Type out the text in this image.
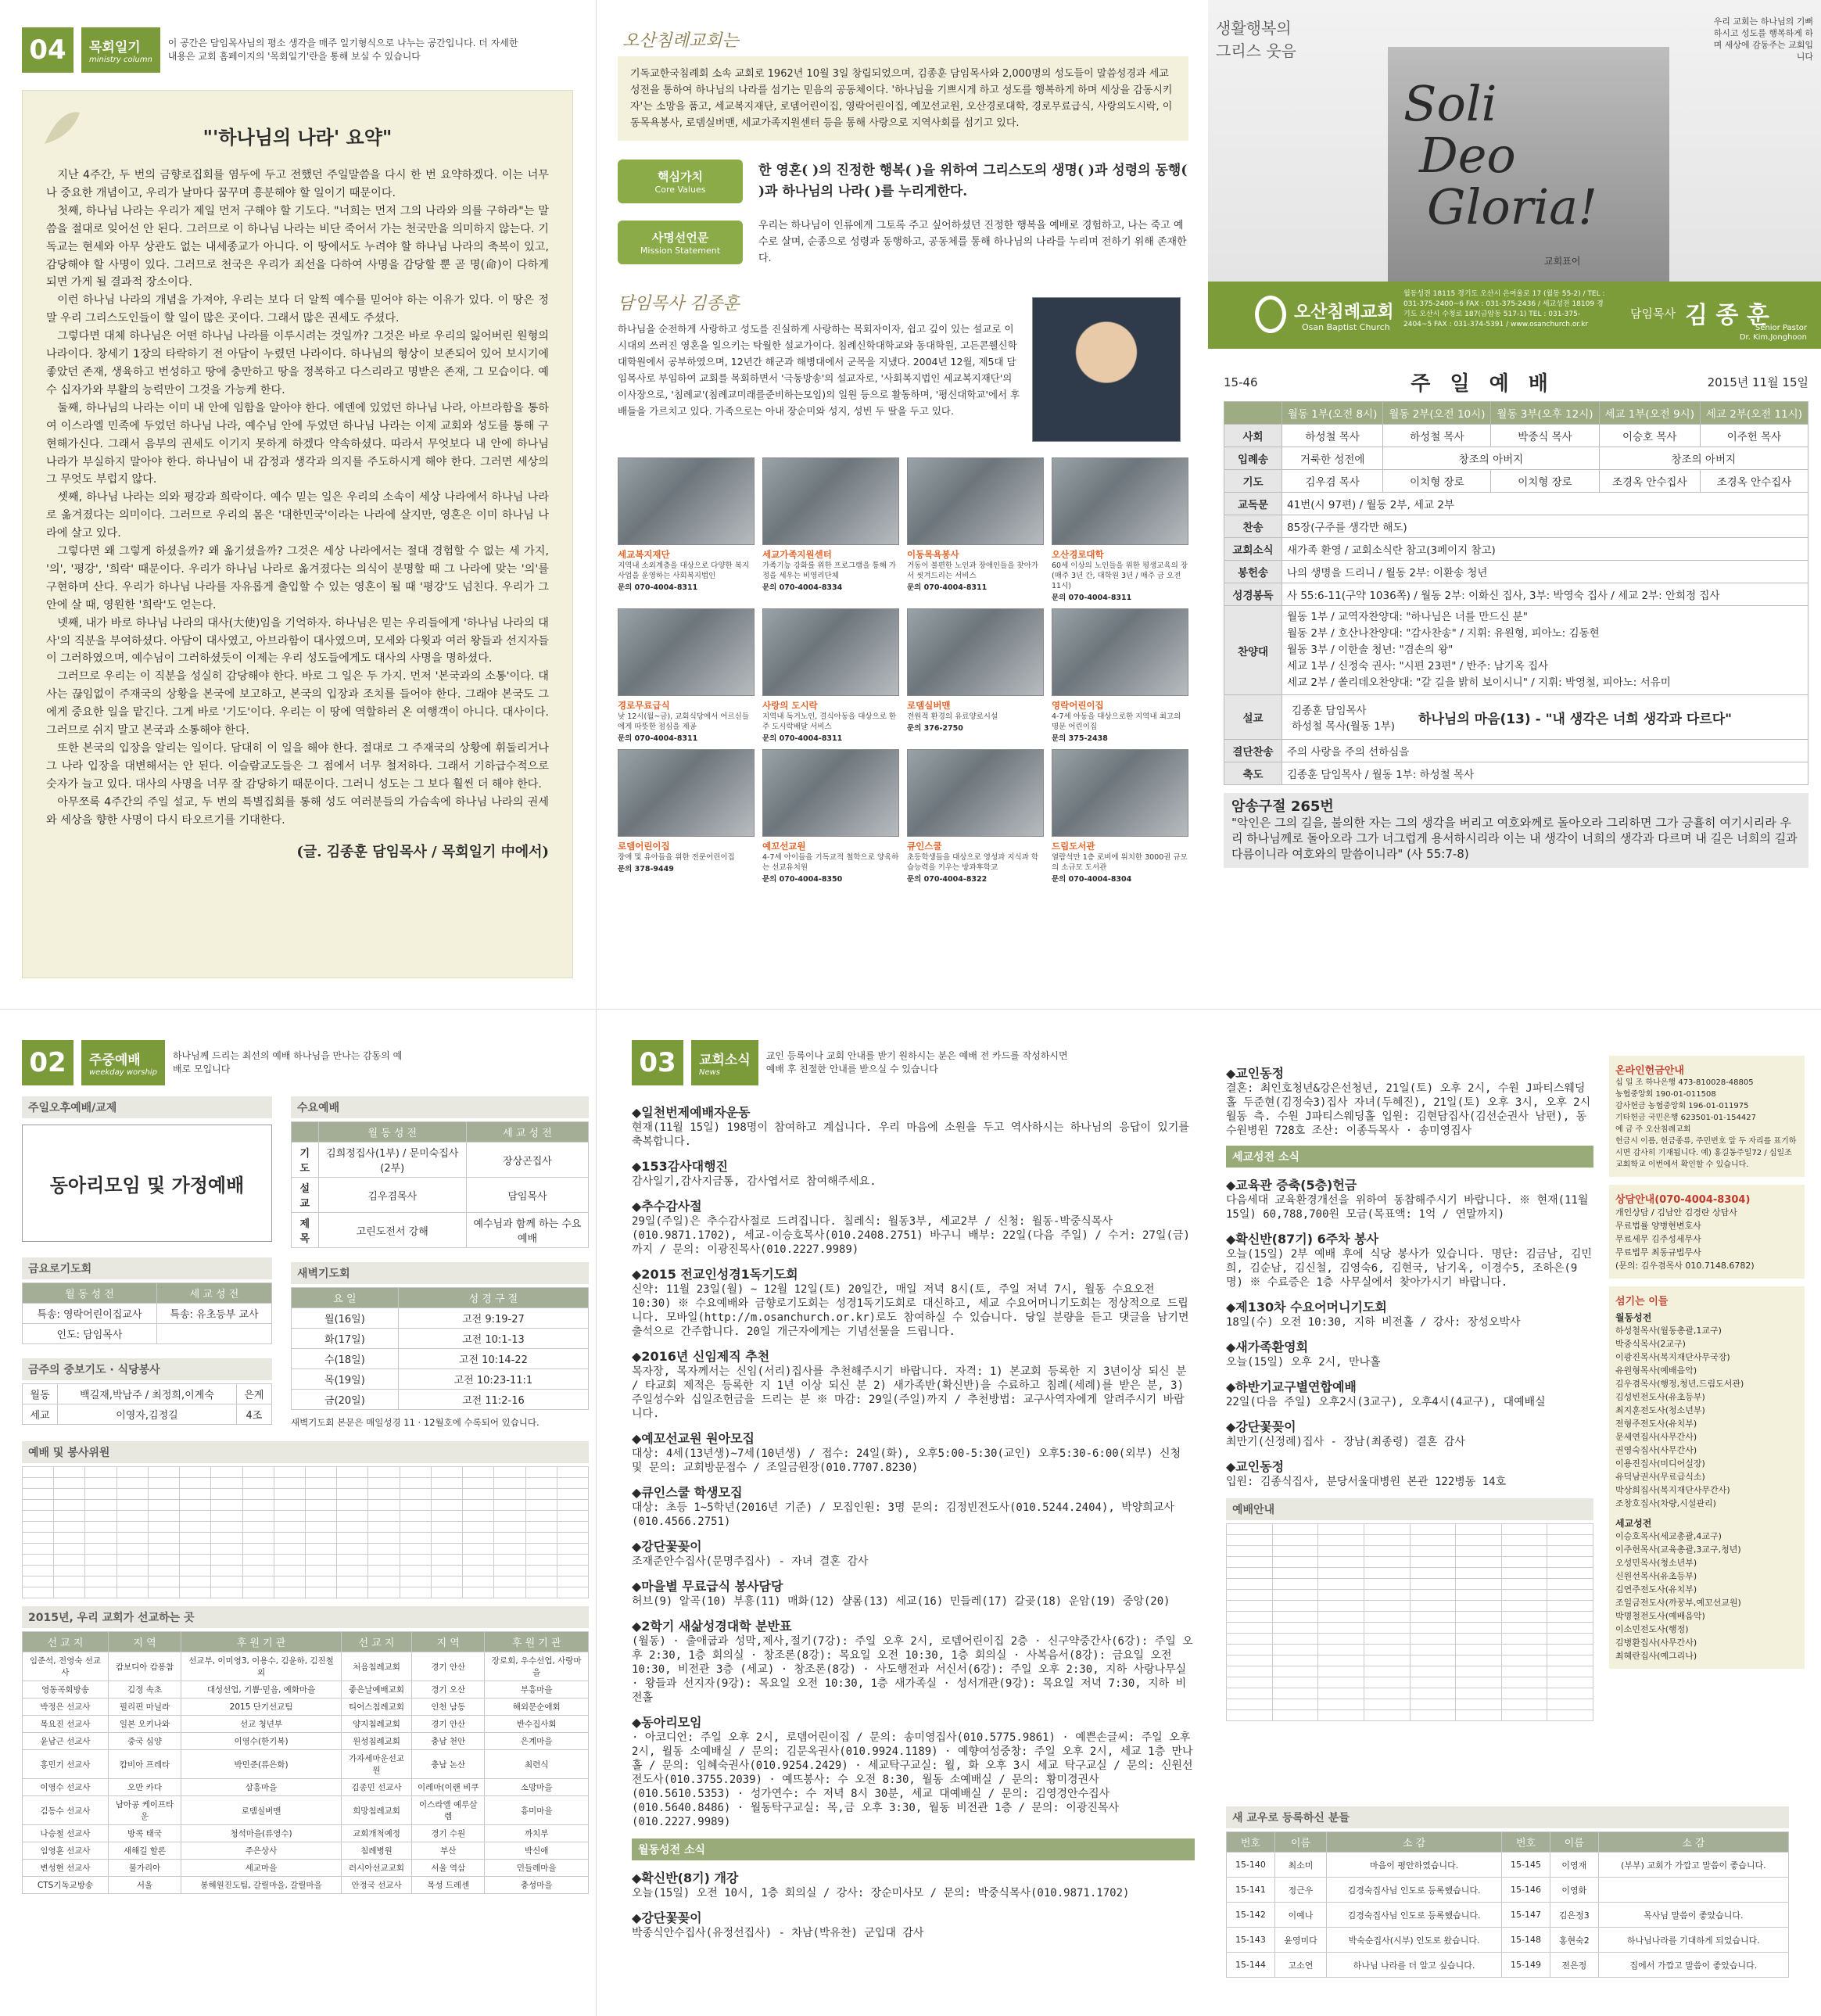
04	목회일기
ministry column
이 공간은 담임목사님의 평소 생각을 매주 일기형식으로 나누는 공간입니다. 더 자세한 내용은 교회 홈페이지의 '목회일기'란을 통해 보실 수 있습니다
"'하나님의 나라' 요약"

지난 4주간, 두 번의 금향로집회를 염두에 두고 전했던 주일말씀을 다시 한 번 요약하겠다. 이는 너무나 중요한 개념이고, 우리가 날마다 꿈꾸며 흥분해야 할 일이기 때문이다.

첫째, 하나님 나라는 우리가 제일 먼저 구해야 할 기도다. "너희는 먼저 그의 나라와 의를 구하라"는 말씀을 절대로 잊어선 안 된다. 그러므로 이 하나님 나라는 비단 죽어서 가는 천국만을 의미하지 않는다. 기독교는 현세와 아무 상관도 없는 내세종교가 아니다. 이 땅에서도 누려야 할 하나님 나라의 축복이 있고, 감당해야 할 사명이 있다. 그러므로 천국은 우리가 죄선을 다하여 사명을 감당할 뿐 곧 명(命)이 다하게 되면 가게 될 결과적 장소이다.

이런 하나님 나라의 개념을 가져야, 우리는 보다 더 알찍 예수를 믿어야 하는 이유가 있다. 이 땅은 정말 우리 그리스도인들이 할 일이 많은 곳이다. 그래서 많은 권세도 주셨다.

그렇다면 대체 하나님은 어떤 하나님 나라를 이루시려는 것일까? 그것은 바로 우리의 잃어버린 원형의 나라이다. 창세기 1장의 타락하기 전 아담이 누렸던 나라이다. 하나님의 형상이 보존되어 있어 보시기에 좋았던 존재, 생육하고 번성하고 땅에 충만하고 땅을 정복하고 다스리라고 명받은 존재, 그 모습이다. 예수 십자가와 부활의 능력만이 그것을 가능케 한다.

둘째, 하나님의 나라는 이미 내 안에 임함을 알아야 한다. 에덴에 있었던 하나님 나라, 아브라함을 통하여 이스라엘 민족에 두었던 하나님 나라, 예수님 안에 두었던 하나님 나라는 이제 교회와 성도를 통해 구현해가신다. 그래서 음부의 권세도 이기지 못하게 하겠다 약속하셨다. 따라서 무엇보다 내 안에 하나님 나라가 부실하지 말아야 한다. 하나님이 내 감정과 생각과 의지를 주도하시게 해야 한다. 그러면 세상의 그 무엇도 부럽지 않다.

셋째, 하나님 나라는 의와 평강과 희락이다. 예수 믿는 일은 우리의 소속이 세상 나라에서 하나님 나라로 옮겨졌다는 의미이다. 그러므로 우리의 몸은 '대한민국'이라는 나라에 살지만, 영혼은 이미 하나님 나라에 살고 있다.

그렇다면 왜 그렇게 하셨을까? 왜 옮기셨을까? 그것은 세상 나라에서는 절대 경험할 수 없는 세 가지, '의', '평강', '희락' 때문이다. 우리가 하나님 나라로 옮겨졌다는 의식이 분명할 때 그 나라에 맞는 '의'를 구현하며 산다. 우리가 하나님 나라를 자유롭게 출입할 수 있는 영혼이 될 때 '평강'도 넘친다. 우리가 그 안에 살 때, 영원한 '희락'도 얻는다.

넷째, 내가 바로 하나님 나라의 대사(大使)임을 기억하자. 하나님은 믿는 우리들에게 '하나님 나라의 대사'의 직분을 부여하셨다. 아담이 대사였고, 아브라함이 대사였으며, 모세와 다윗과 여러 왕들과 선지자들이 그러하였으며, 예수님이 그러하셨듯이 이제는 우리 성도들에게도 대사의 사명을 명하셨다.

그러므로 우리는 이 직분을 성실히 감당해야 한다. 바로 그 일은 두 가지. 먼저 '본국과의 소통'이다. 대사는 끊임없이 주재국의 상황을 본국에 보고하고, 본국의 입장과 조치를 들어야 한다. 그래야 본국도 그에게 중요한 일을 맡긴다. 그게 바로 '기도'이다. 우리는 이 땅에 역할하러 온 여행객이 아니다. 대사이다. 그러므로 쉬지 말고 본국과 소통해야 한다.

또한 본국의 입장을 알리는 일이다. 담대히 이 일을 해야 한다. 절대로 그 주재국의 상황에 휘둘리거나 그 나라 입장을 대변해서는 안 된다. 이슬람교도들은 그 점에서 너무 철저하다. 그래서 기하급수적으로 숫자가 늘고 있다. 대사의 사명을 너무 잘 감당하기 때문이다. 그러니 성도는 그 보다 훨씬 더 해야 한다.

아무쪼록 4주간의 주일 설교, 두 번의 특별집회를 통해 성도 여러분들의 가슴속에 하나님 나라의 권세와 세상을 향한 사명이 다시 타오르기를 기대한다.

(글. 김종훈 담임목사 / 목회일기 中에서)
오산침례교회는
기독교한국침례회 소속 교회로 1962년 10월 3일 창립되었으며, 김종훈 담임목사와 2,000명의 성도들이 말씀성경과 세교성전을 통하여 하나님의 나라를 섬기는 믿음의 공동체이다. '하나님을 기쁘시게 하고 성도를 행복하게 하며 세상을 감동시키자'는 소망을 품고, 세교복지재단, 로뎀어린이집, 영락어린이집, 예꼬선교원, 오산경로대학, 경로무료급식, 사랑의도시락, 이동목욕봉사, 로뎀실버맨, 세교가족지원센터 등을 통해 사랑으로 지역사회를 섬기고 있다.
핵심가치
Core Values
한 영혼( )의 진정한 행복( )을 위하여 그리스도의 생명( )과 성령의 동행( )과 하나님의 나라( )를 누리게한다.
사명선언문
Mission Statement
우리는 하나님이 인류에게 그토록 주고 싶어하셨던 진정한 행복을 예배로 경험하고, 나는 죽고 예수로 살며, 순종으로 성령과 동행하고, 공동체를 통해 하나님의 나라를 누리며 전하기 위해 존재한다.
담임목사 김종훈
하나님을 순전하게 사랑하고 성도를 진실하게 사랑하는 목회자이자, 쉽고 깊이 있는 설교로 이 시대의 쓰러진 영혼을 일으키는 탁월한 설교가이다. 침례신학대학교와 동대학원, 고든콘웰신학대학원에서 공부하였으며, 12년간 해군과 해병대에서 군목을 지냈다. 2004년 12월, 제5대 담임목사로 부임하여 교회를 목회하면서 '극동방송'의 설교자로, '사회복지법인 세교복지재단'의 이사장으로, '침례교'(침례교미래를준비하는모임)의 일원 등으로 활동하며, '평신대학교'에서 후배들을 가르치고 있다. 가족으로는 아내 장순미와 성지, 성빈 두 딸을 두고 있다.
세교복지재단
지역내 소외계층을 대상으로 다양한 복지사업을 운영하는 사회복지법인
문의 070-4004-8311
세교가족지원센터
가족기능 강화를 위한 프로그램을 통해 가정을 세우는 비영리단체
문의 070-4004-8334
이동목욕봉사
거동이 불편한 노인과 장애인들을 찾아가서 씻겨드리는 서비스
문의 070-4004-8311
오산경로대학
60세 이상의 노인들을 위한 평생교육의 장(매주 3년 간, 대학원 3년 / 매주 금 오전 11시)
문의 070-4004-8311
경로무료급식
낮 12시(월~금), 교회식당에서 어르신들에게 따뜻한 점심을 제공
문의 070-4004-8311
사랑의 도시락
지역내 독거노인, 결식아동을 대상으로 한 주 도시락배달 서비스
문의 070-4004-8311
로뎀실버맨
전원적 환경의 유료양로시설
문의 376-2750
영락어린이집
4-7세 아동을 대상으로한 지역내 최고의 명문 어린이집
문의 375-2438
로뎀어린이집
장애 및 유아들을 위한 전문어린이집
문의 378-9449
예꼬선교원
4-7세 아이들을 기독교적 철학으로 양육하는 선교유치원
문의 070-4004-8350
큐인스쿨
초등학생들을 대상으로 영성과 지식과 학습능력을 키우는 방과후학교
문의 070-4004-8322
드림도서관
열람석만 1층 로비에 위치한 3000권 규모의 소규모 도서관
문의 070-4004-8304
생활행복의 그리스 웃음
우리 교회는 하나님의 기뻐하시고 성도를 행복하게 하며 세상에 감동주는 교회입니다
Soli
Deo
Gloria!
교회표어
오산침례교회
Osan Baptist Church
월동성전 18115 경기도 오산시 은여울로 17 (월동 55-2) / TEL : 031-375-2400~6 FAX : 031-375-2436 / 세교성전 18109 경기도 오산시 수청로 187(금암동 517-1) TEL : 031-375-2404~5 FAX : 031-374-5391 / www.osanchurch.or.kr
담임목사 김 종 훈
Senior Pastor
Dr. Kim,Jonghoon
15-46	주 일 예 배	2015년 11월 15일
	월동 1부(오전 8시)	월동 2부(오전 10시)	월동 3부(오후 12시)	세교 1부(오전 9시)	세교 2부(오전 11시)
사회	하성철 목사	하성철 목사	박중식 목사	이승호 목사	이주헌 목사
입례송	거룩한 성전에	창조의 아버지		창조의 아버지	
기도	김우겸 목사	이치형 장로	이치형 장로	조경옥 안수집사	조경옥 안수집사
교독문	41번(시 97편) / 월동 2부, 세교 2부				
찬송	85장(구주를 생각만 해도)				
교회소식	새가족 환영 / 교회소식란 참고(3페이지 참고)				
봉헌송	나의 생명을 드리니 / 월동 2부: 이환송 청년				
성경봉독	사 55:6-11(구약 1036쪽) / 월동 2부: 이화신 집사, 3부: 박영숙 집사 / 세교 2부: 안희정 집사				
찬양대	월동 1부 / 교역자찬양대: "하나님은 너를 만드신 분"
월동 2부 / 호산나찬양대: "감사찬송" / 지휘: 유원형, 피아노: 김동현
월동 3부 / 이한솔 청년: "겸손의 왕"
세교 1부 / 신정숙 권사: "시편 23편" / 반주: 남기옥 집사
세교 2부 / 쏠리데오찬양대: "갈 길을 밝히 보이시니" / 지휘: 박영철, 피아노: 서유미				

설교	김종훈 담임목사
하성철 목사(월동 1부) 하나님의 마음(13) - "내 생각은 너희 생각과 다르다"				

결단찬송	주의 사랑을 주의 선하심을				
축도	김종훈 담임목사 / 월동 1부: 하성철 목사				
암송구절 265번
"악인은 그의 길을, 불의한 자는 그의 생각을 버리고 여호와께로 돌아오라 그리하면 그가 긍휼히 여기시리라 우리 하나님께로 돌아오라 그가 너그럽게 용서하시리라 이는 내 생각이 너희의 생각과 다르며 내 길은 너희의 길과 다름이니라 여호와의 말씀이니라" (사 55:7-8)
02	주중예배
weekday worship
하나님께 드리는 최선의 예배 하나님을 만나는 감동의 예배로 모입니다
주일오후예배/교제
동아리모임 및 가정예배
금요로기도회
월 동 성 전	세 교 성 전
특송: 영락어린이집교사	특송: 유초등부 교사
인도: 담임목사	
금주의 중보기도 · 식당봉사
월동	백길재,박남주 / 최정희,이계숙	은계
세교	이영자,김정길	4조
수요예배
	월 동 성 전	세 교 성 전
기도	김희정집사(1부) / 문미숙집사(2부)	장상곤집사
설교	김우겸목사	담임목사
제목	고린도전서 강해	예수님과 함께 하는 수요예배
새벽기도회
요 일	성 경 구 절
월(16일)	고전 9:19-27
화(17일)	고전 10:1-13
수(18일)	고전 10:14-22
목(19일)	고전 10:23-11:1
금(20일)	고전 11:2-16
새벽기도회 본문은 매일성경 11 · 12월호에 수록되어 있습니다.
예배 및 봉사위원

2015년, 우리 교회가 선교하는 곳
선 교 지	지 역	후 원 기 관	선 교 지	지 역	후 원 기 관
임준석, 전영숙 선교사	캄보디아 캄퐁참	선교부, 이미영3, 이용수, 김윤하, 김진철 외	처음침례교회	경기 안산	장로회, 우수선업, 사랑마을
영동곡회방송	김정 속초	대성선업, 기쁨·믿음, 예화마을	좋은날예배교회	경기 오산	부흥마을
박정은 선교사	필리핀 마닐라	2015 단기선교팀	티어스침례교회	인천 남동	해외문순애회
목요진 선교사	일본 오키나와	선교 청년부	양지침례교회	경기 안산	반수집사회
윤남근 선교사	중국 심양	이영수(한기복)	원성침례교회	충남 천안	은계마을
홍민기 선교사	캄비아 프레타	박민준(류은화)	가자세마운선교원	충남 논산	최련식
이영수 선교사	오만 카다	삼흥마을	김종민 선교사	이레마(이랜 비쿠	소망마을
김동수 선교사	남아공 케이프타운	로뎀실버맨	희망침례교회	이스라엘 예루살렘	흥미마을
나승철 선교사	방콕 태국	청석마을(류영수)	교회개척예정	경기 수원	까치부
임영훈 선교사	새해길 할론	주은상사	침례병원	부산	박신애
변성현 선교사	불가리아	세교마을	러시아선교교회	서울 역삼	민들레마을
CTS기독교방송	서울	봉해원진도팀, 갈릴마을, 갈릴마을	안정국 선교사	목성 드레센	충성마을
03	교회소식
News
교인 등록이나 교회 안내를 받기 원하시는 분은 예배 전 카드를 작성하시면 예배 후 친절한 안내를 받으실 수 있습니다
◆일천번제예배자운동

현재(11월 15일) 198명이 참여하고 계십니다. 우리 마음에 소원을 두고 역사하시는 하나님의 응답이 있기를 축복합니다.

◆153감사대행진

감사일기,감사지금통, 감사엽서로 참여해주세요.

◆추수감사절

29일(주일)은 추수감사절로 드려집니다. 칠레식: 월동3부, 세교2부 / 신청: 월동-박중식목사(010.9871.1702), 세교-이승호목사(010.2408.2751) 바구니 배부: 22일(다음 주일) / 수거: 27일(금)까지 / 문의: 이광진목사(010.2227.9989)

◆2015 전교인성경1독기도회

신약: 11월 23일(월) ~ 12월 12일(토) 20일간, 매일 저녁 8시(토, 주일 저녁 7시, 월동 수요오전 10:30) ※ 수요예배와 금향로기도회는 성경1독기도회로 대신하고, 세교 수요어머니기도회는 정상적으로 드립니다. 모바일(http://m.osanchurch.or.kr)로도 참여하실 수 있습니다. 당일 분량을 듣고 댓글을 남기면 출석으로 간주합니다. 20일 개근자에게는 기념선물을 드립니다.

◆2016년 신임제직 추천

목자장, 목자께서는 신임(서리)집사를 추천해주시기 바랍니다. 자격: 1) 본교회 등록한 지 3년이상 되신 분 / 타교회 제적은 등록한 지 1년 이상 되신 분 2) 새가족반(확신반)을 수료하고 침례(세례)를 받은 분, 3) 주일성수와 십일조헌금을 드리는 분 ※ 마감: 29일(주일)까지 / 추천방법: 교구사역자에게 알려주시기 바랍니다.

◆예꼬선교원 원아모집

대상: 4세(13년생)~7세(10년생) / 접수: 24일(화), 오후5:00-5:30(교인) 오후5:30-6:00(외부) 신청 및 문의: 교회방문접수 / 조일금원장(010.7707.8230)

◆큐인스쿨 학생모집

대상: 초등 1~5학년(2016년 기준) / 모집인원: 3명 문의: 김정빈전도사(010.5244.2404), 박양희교사(010.4566.2751)

◆강단꽃꽂이

조재준안수집사(문명주집사) - 자녀 결혼 감사

◆마을별 무료급식 봉사담당

허브(9) 알곡(10) 부흥(11) 매화(12) 샬롬(13) 세교(16) 민들레(17) 갈곶(18) 운암(19) 중앙(20)

◆2학기 새삶성경대학 분반표

(월동) · 출애굽과 성막,제사,절기(7강): 주일 오후 2시, 로뎀어린이집 2층 · 신구약중간사(6강): 주일 오후 2:30, 1층 회의실 · 창조론(8강): 목요일 오전 10:30, 1층 회의실 · 사복음서(8강): 금요일 오전 10:30, 비전관 3층 (세교) · 창조론(8강) · 사도행전과 서신서(6강): 주일 오후 2:30, 지하 사랑나무실 · 왕들과 선지자(9강): 목요일 오전 10:30, 1층 새가족실 · 성서개관(9강): 목요일 저녁 7:30, 지하 비전홀

◆동아리모임

· 아코디언: 주일 오후 2시, 로뎀어린이집 / 문의: 송미영집사(010.5775.9861) · 예쁜손글씨: 주일 오후 2시, 월동 소예배실 / 문의: 김문옥권사(010.9924.1189) · 예향여성중창: 주일 오후 2시, 세교 1층 만나홀 / 문의: 임혜숙권사(010.9254.2429) · 세교탁구교실: 월, 화 오후 3시 세교 탁구교실 / 문의: 신원선전도사(010.3755.2039) · 예뜨봉사: 수 오전 8:30, 월동 소예배실 / 문의: 황미경권사(010.5610.5353) · 성가연수: 수 저녁 8시 30분, 세교 대예배실 / 문의: 김영경안수집사(010.5640.8486) · 월동탁구교실: 목,금 오후 3:30, 월동 비전관 1층 / 문의: 이광진목사(010.2227.9989)

월동성전 소식
◆확신반(8기) 개강

오늘(15일) 오전 10시, 1층 회의실 / 강사: 장순미사모 / 문의: 박중식목사(010.9871.1702)

◆강단꽃꽂이

박종식안수집사(유정선집사) - 차남(박유찬) 군입대 감사

◆교인동정

결혼: 최인호청년&강은선청년, 21일(토) 오후 2시, 수원 J파티스웨딩홀 두준현(김정숙3)집사 자녀(두혜진), 21일(토) 오후 3시, 오후 2시 월동 측. 수원 J파티스웨딩홀 입원: 김현담집사(김선순권사 남편), 동수원병원 728호 조산: 이종득목사 · 송미영집사

세교성전 소식
◆교육관 증축(5층)헌금

다음세대 교육환경개선을 위하여 동참해주시기 바랍니다. ※ 현재(11월 15일) 60,788,700원 모금(목표액: 1억 / 연말까지)

◆확신반(87기) 6주차 봉사

오늘(15일) 2부 예배 후에 식당 봉사가 있습니다. 명단: 김금남, 김민희, 김순남, 김신철, 김영숙6, 김현국, 남기옥, 이경수5, 조하은(9명) ※ 수료증은 1층 사무실에서 찾아가시기 바랍니다.

◆제130차 수요어머니기도회

18일(수) 오전 10:30, 지하 비전홀 / 강사: 장성오박사

◆새가족환영회

오늘(15일) 오후 2시, 만나홀

◆하반기교구별연합예배

22일(다음 주일) 오후2시(3교구), 오후4시(4교구), 대예배실

◆강단꽃꽂이

최만기(신정례)집사 - 장남(최종령) 결혼 감사

◆교인동정

입원: 김종식집사, 분당서울대병원 본관 122병동 14호

예배안내

새 교우로 등록하신 분들
번호	이름	소 감	번호	이름	소 감
15-140	최소미	마음이 평안하였습니다.	15-145	이영재	(부부) 교회가 가깝고 말씀이 좋습니다.
15-141	정근우	김경숙집사님 인도로 등록했습니다.	15-146	이영화	
15-142	이예나	김경숙집사님 인도로 등록했습니다.	15-147	김은정3	목사님 말씀이 좋았습니다.
15-143	윤영미다	박숙순집사(시부) 인도로 왔습니다.	15-148	홍현숙2	하나님나라를 기대하게 되었습니다.
15-144	고소연	하나님 나라를 더 알고 싶습니다.	15-149	전은정	집에서 가깝고 말씀이 좋았습니다.
온라인헌금안내
십 일 조 하나은행 473-810028-48805
농협중앙회 190-01-011508
감사헌금 농협중앙회 196-01-011975
기타헌금 국민은행 623501-01-154427
예 금 주 오산침례교회
헌금시 이름, 헌금종류, 주민번호 앞 두 자리를 표기하시면 감사히 기재됩니다. 예) 홍길동주일72 / 십일조 교회학교 이번에서 확인할 수 있습니다.
상담안내(070-4004-8304)
개인상담 / 김남안 김경란 상담사
무료법률 양병현변호사
무료세무 김주성세무사
무료법무 최동규법무사
(문의: 김우겸목사 010.7148.6782)
섬기는 이들
월동성전
하성철목사(월동총괄,1교구)
박중식목사(2교구)
이광진목사(복지재단사무국장)
유원형목사(예배음악)
김우겸목사(행정,청년,드림도서관)
김성빈전도사(유초등부)
최지훈전도사(청소년부)
전형주전도사(유치부)
문세연집사(사무간사)
권영숙집사(사무간사)
이용진집사(미디어실장)
유덕남권사(무료급식소)
박상희집사(복지재단사무간사)
조창호집사(차량,시설관리)
세교성전
이승호목사(세교총괄,4교구)
이주헌목사(교육총괄,3교구,청년)
오성민목사(청소년부)
신원선목사(유초등부)
김연주전도사(유치부)
조일금전도사(까꿍부,예꼬선교원)
박명철전도사(예배음악)
이소민전도사(행정)
김병환집사(사무간사)
최혜란집사(예그리나)
